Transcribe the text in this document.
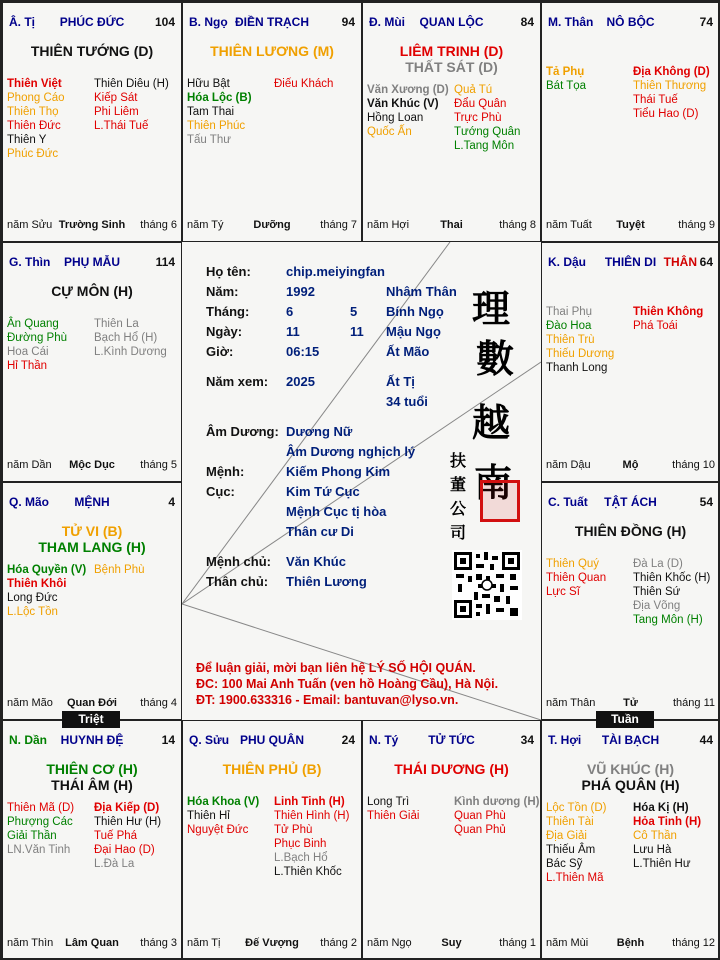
Â. Tị	PHÚC ĐỨC	104
THIÊN TƯỚNG (D)
Thiên Việt
Phong Cáo
Thiên Thọ
Thiên Đức
Thiên Y
Phúc Đức
Thiên Diêu (H)
Kiếp Sát
Phi Liêm
L.Thái Tuế
năm Sửu Trường Sinh	tháng 6
B. Ngọ ĐIỀN TRẠCH	94
THIÊN LƯƠNG (M)
Hữu Bật
Hóa Lộc (B)
Tam Thai
Thiên Phúc
Tấu Thư
Điếu Khách
năm Tý	Dưỡng	tháng 7
Đ. Mùi	QUAN LỘC	84
LIÊM TRINH (D)
THẤT SÁT (D)
Văn Xương (D)
Văn Khúc (V)
Hồng Loan
Quốc Ấn
Quả Tú
Đẩu Quân
Trực Phù
Tướng Quân
L.Tang Môn
năm Hợi	Thai	tháng 8
M. Thân	NÔ BỘC	74
Tả Phụ
Bát Tọa
Địa Không (D)
Thiên Thương
Thái Tuế
Tiểu Hao (D)
năm Tuất	Tuyệt	tháng 9
G. Thìn	PHỤ MẪU	114
CỰ MÔN (H)
Ân Quang
Đường Phù
Hoa Cái
Hỉ Thần
Thiên La
Bạch Hổ (H)
L.Kình Dương
năm Dần	Mộc Dục	tháng 5
K. Dậu	THIÊN DI THÂN 64
Thai Phụ
Đào Hoa
Thiên Trù
Thiếu Dương
Thanh Long
Thiên Không
Phá Toái
năm Dậu	Mộ	tháng 10
Q. Mão	MỆNH	4
TỬ VI (B)
THAM LANG (H)
Hóa Quyền (V)
Thiên Khôi
Long Đức
L.Lộc Tồn
Bệnh Phù
năm Mão	Quan Đới	tháng 4
C. Tuất	TẬT ÁCH	54
THIÊN ĐỒNG (H)
Thiên Quý
Thiên Quan
Lực Sĩ
Đà La (D)
Thiên Khốc (H)
Thiên Sứ
Địa Võng
Tang Môn (H)
năm Thân	Tử	tháng 11
N. Dần	HUYNH ĐỆ	14
THIÊN CƠ (H)
THÁI ÂM (H)
Thiên Mã (D)
Phượng Các
Giải Thần
LN.Văn Tinh
Địa Kiếp (D)
Thiên Hư (H)
Tuế Phá
Đại Hao (D)
L.Đà La
năm Thìn	Lâm Quan	tháng 3
Q. Sửu PHU QUÂN	24
THIÊN PHỦ (B)
Hóa Khoa (V)
Thiên Hỉ
Nguyệt Đức
Linh Tinh (H)
Thiên Hình (H)
Tử Phù
Phục Binh
L.Bạch Hổ
L.Thiên Khốc
năm Tị	Đế Vượng	tháng 2
N. Tý	TỬ TỨC	34
THÁI DƯƠNG (H)
Long Trì
Thiên Giải
Kình dương (H)
Quan Phù
Quan Phủ
năm Ngọ	Suy	tháng 1
T. Hợi	TÀI BẠCH	44
VŨ KHÚC (H)
PHÁ QUÂN (H)
Lộc Tồn (D)
Thiên Tài
Địa Giải
Thiếu Âm
Bác Sỹ
L.Thiên Mã
Hóa Kị (H)
Hỏa Tinh (H)
Cô Thần
Lưu Hà
L.Thiên Hư
năm Mùi	Bệnh	tháng 12
Họ tên:	chip.meiyingfan
Năm:	1992	Nhâm Thân
Tháng:	6	5 Bính Ngọ
Ngày:	11	11 Mậu Ngọ
Giờ:	06:15	Ất Mão
Năm xem: 2025	Ất Tị
34 tuổi
Âm Dương: Dương Nữ
Âm Dương nghịch lý
Mệnh:	Kiếm Phong Kim
Cục:	Kim Tứ Cục
Mệnh Cục tị hòa
Thân cư Di
Mệnh chủ: Văn Khúc
Thân chủ: Thiên Lương
理
數
越
南
扶
董
公
司
Để luận giải, mời bạn liên hệ LÝ SỐ HỘI QUÁN.
ĐC: 100 Mai Anh Tuấn (ven hồ Hoàng Cầu), Hà Nội.
ĐT: 1900.633316 - Email: bantuvan@lyso.vn.
Triệt	Tuần
